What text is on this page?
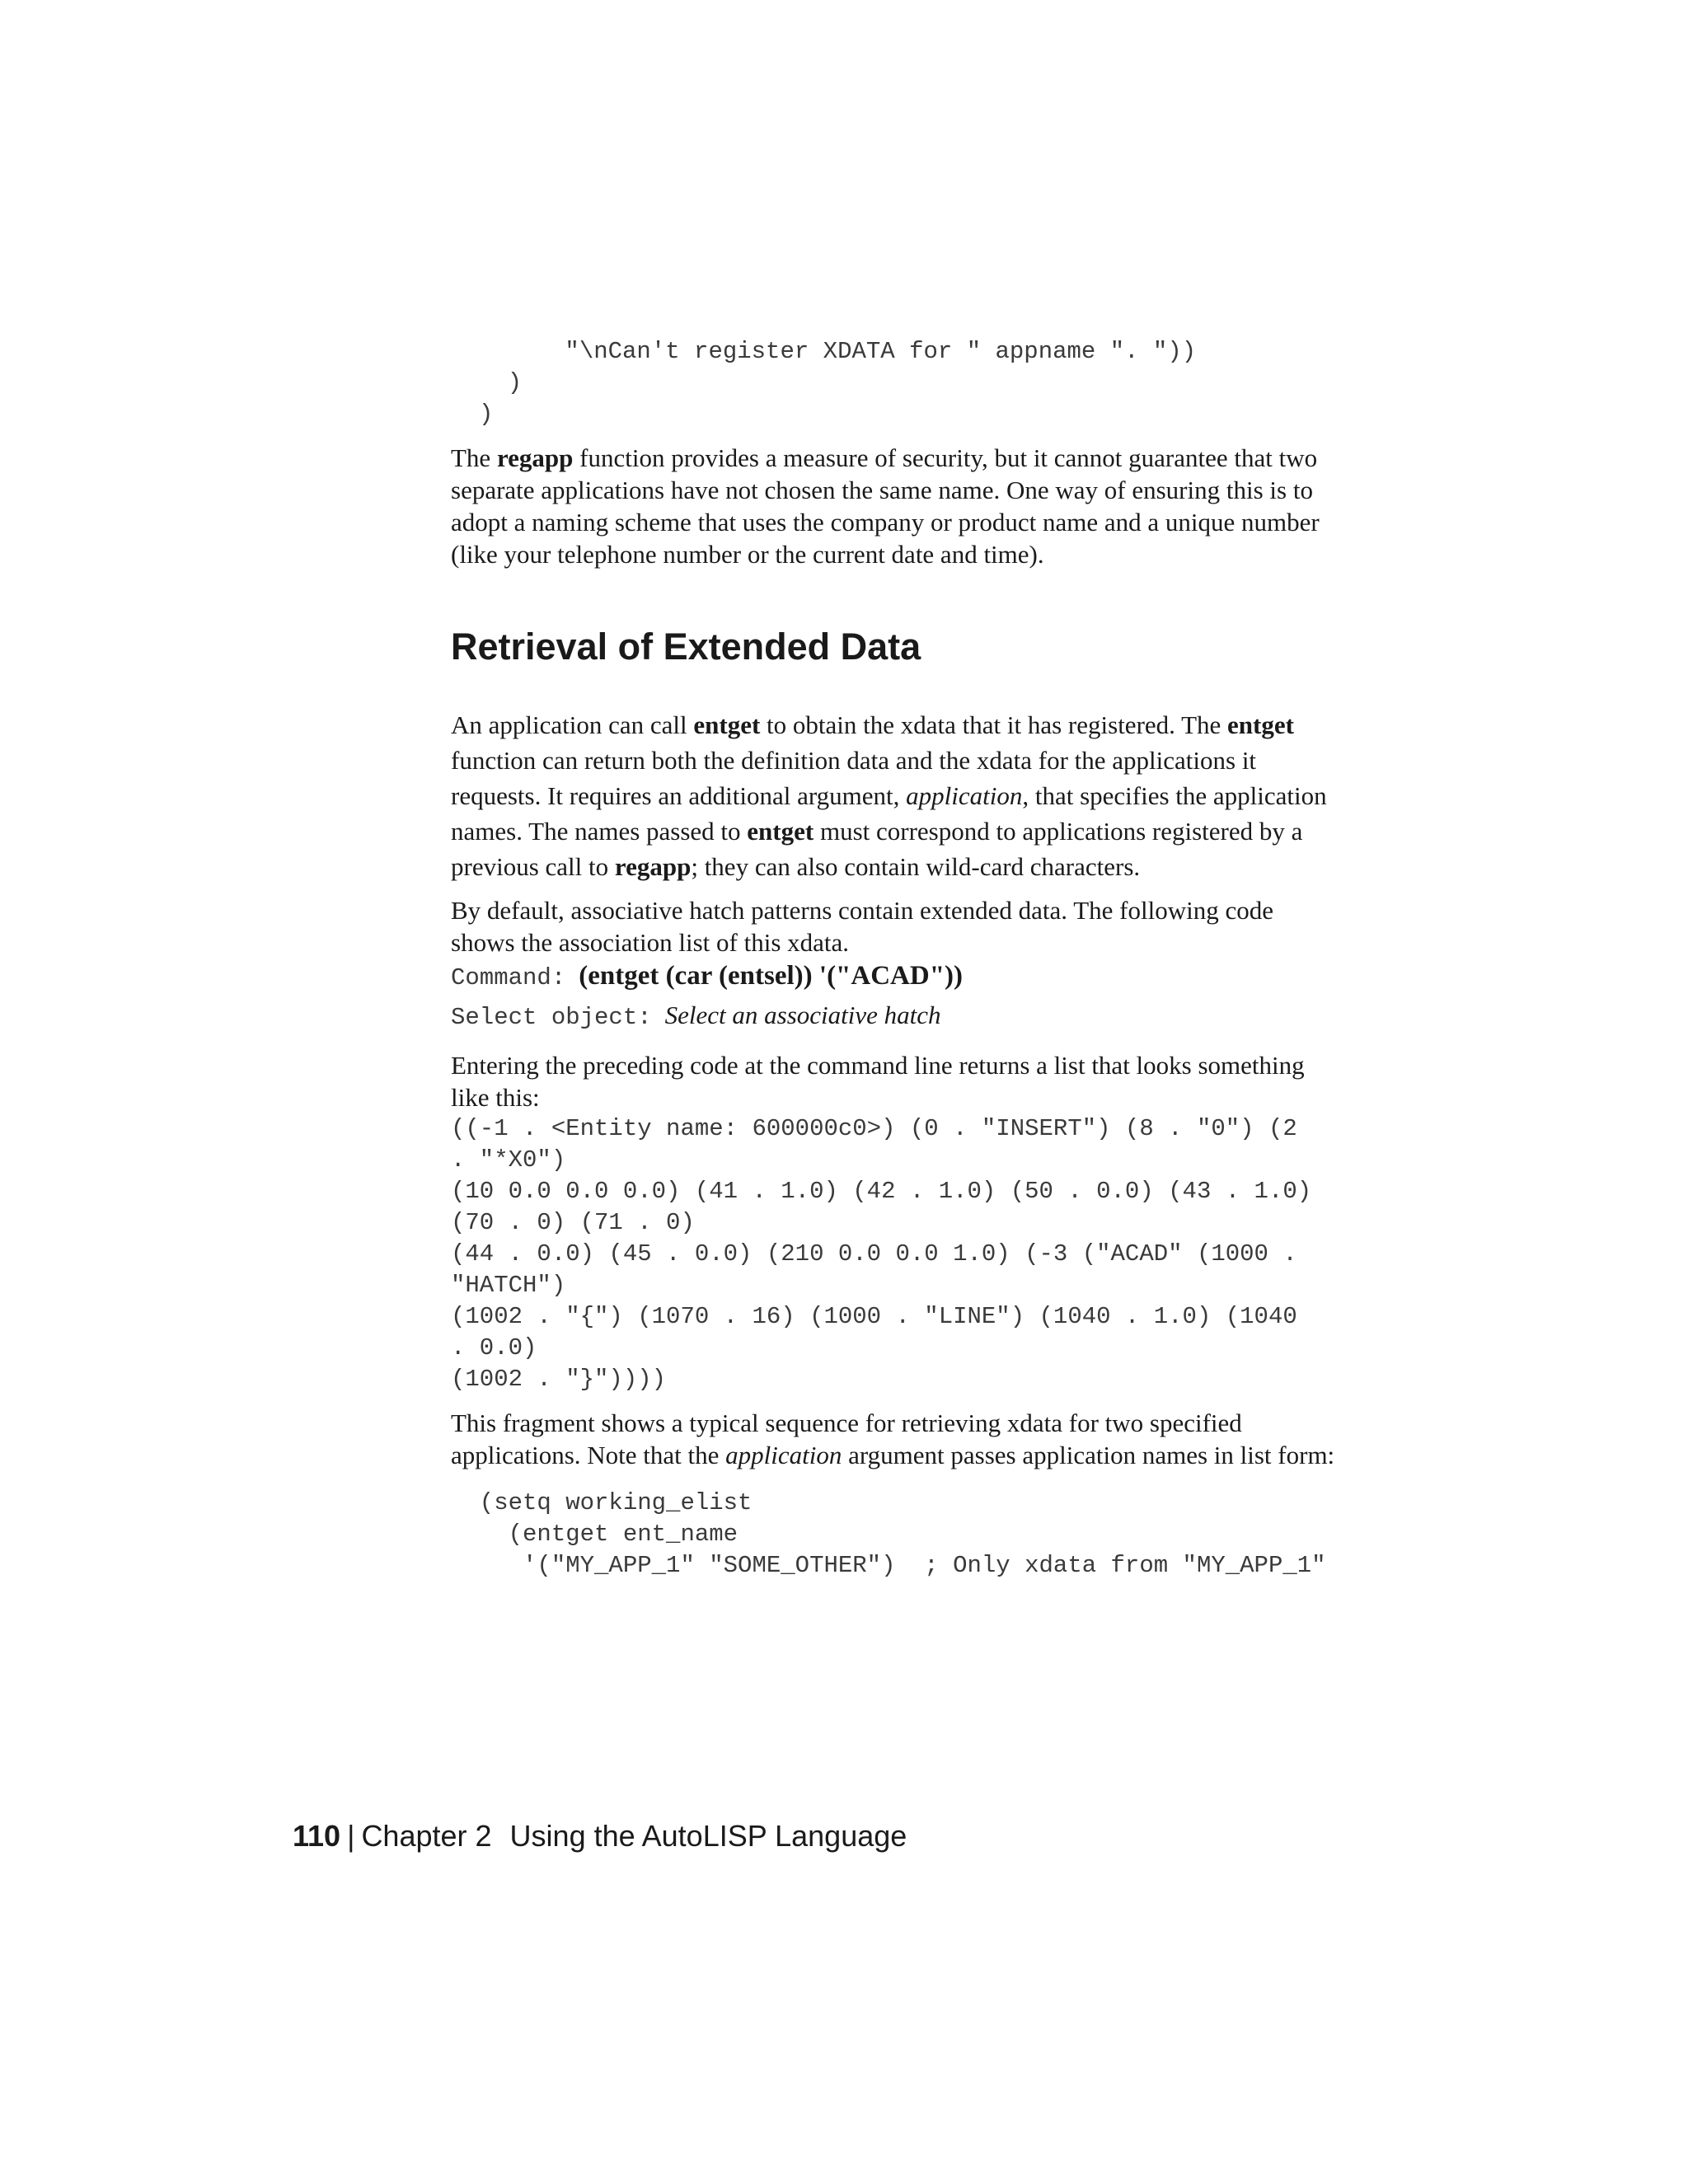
"\nCan't register XDATA for " appname ". "))

)

)

The regapp function provides a measure of security, but it cannot guarantee that two separate applications have not chosen the same name. One way of ensuring this is to adopt a naming scheme that uses the company or product name and a unique number (like your telephone number or the current date and time).

Retrieval of Extended Data

An application can call entget to obtain the xdata that it has registered. The entget function can return both the definition data and the xdata for the applications it requests. It requires an additional argument, application, that specifies the application names. The names passed to entget must correspond to applications registered by a previous call to regapp; they can also contain wild-card characters.

By default, associative hatch patterns contain extended data. The following code shows the association list of this xdata.

Command: (entget (car (entsel)) '("ACAD"))

Select object: Select an associative hatch

Entering the preceding code at the command line returns a list that looks something like this:

((-1 . <Entity name: 600000c0>) (0 . "INSERT") (8 . "0") (2

. "*X0")

(10 0.0 0.0 0.0) (41 . 1.0) (42 . 1.0) (50 . 0.0) (43 . 1.0)

(70 . 0) (71 . 0)

(44 . 0.0) (45 . 0.0) (210 0.0 0.0 1.0) (-3 ("ACAD" (1000 .

"HATCH")

(1002 . "{") (1070 . 16) (1000 . "LINE") (1040 . 1.0) (1040

. 0.0)

(1002 . "}"))))

This fragment shows a typical sequence for retrieving xdata for two specified applications. Note that the application argument passes application names in list form:

(setq working_elist

(entget ent_name

'("MY_APP_1" "SOME_OTHER")  ; Only xdata from "MY_APP_1"

110 | Chapter 2 Using the AutoLISP Language
